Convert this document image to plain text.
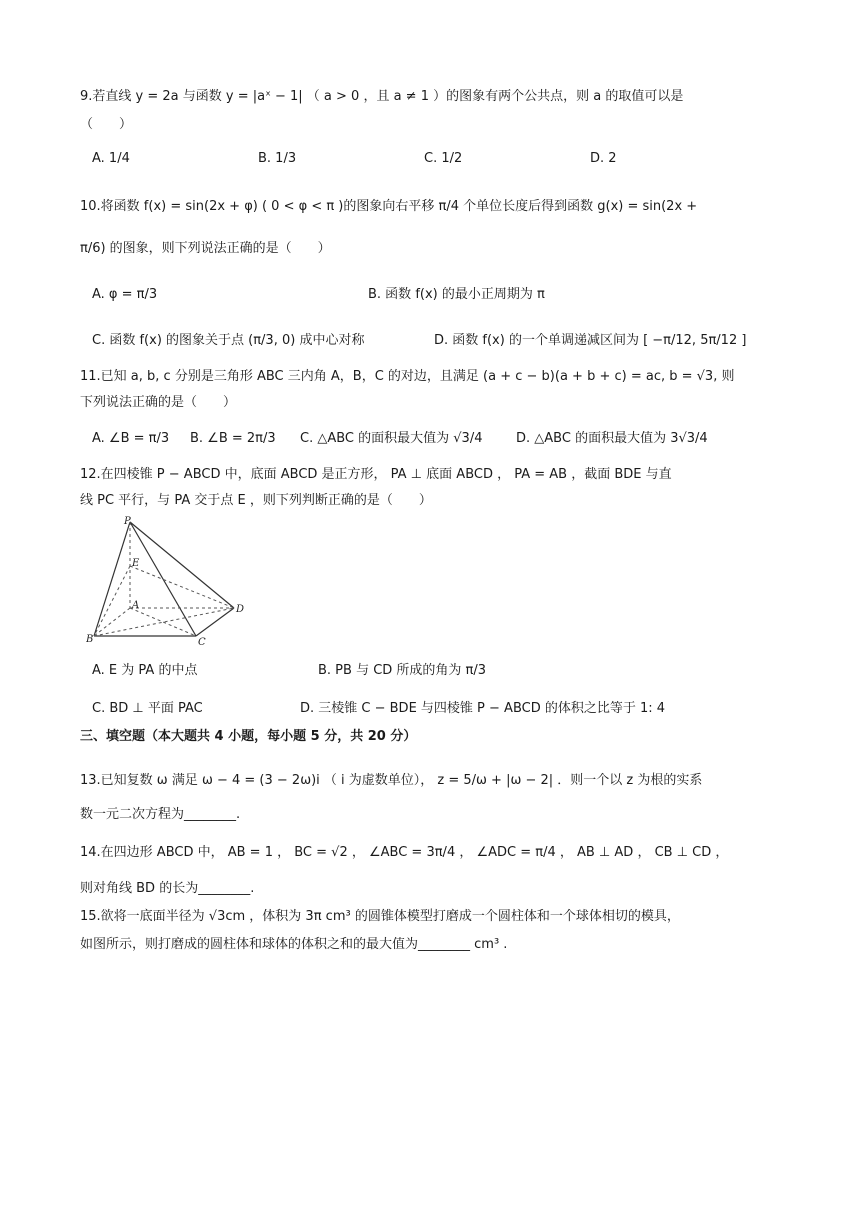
9.若直线 y = 2a 与函数 y = |aˣ − 1| （ a > 0 ，且 a ≠ 1 ）的图象有两个公共点，则 a 的取值可以是
（　　）
A. 1/4	B. 1/3	C. 1/2	D. 2
10.将函数 f(x) = sin(2x + φ) ( 0 < φ < π )的图象向右平移 π/4 个单位长度后得到函数 g(x) = sin(2x +
π/6) 的图象，则下列说法正确的是（　　）
A. φ = π/3	B. 函数 f(x) 的最小正周期为 π
C. 函数 f(x) 的图象关于点 (π/3, 0) 成中心对称	D. 函数 f(x) 的一个单调递减区间为 [ −π/12, 5π/12 ]
11.已知 a, b, c 分别是三角形 ABC 三内角 A，B，C 的对边，且满足 (a + c − b)(a + b + c) = ac, b = √3, 则
下列说法正确的是（　　）
A. ∠B = π/3 B. ∠B = 2π/3 C. △ABC 的面积最大值为 √3/4	D. △ABC 的面积最大值为 3√3/4
12.在四棱锥 P − ABCD 中，底面 ABCD 是正方形， PA ⊥ 底面 ABCD ， PA = AB ，截面 BDE 与直
线 PC 平行，与 PA 交于点 E ，则下列判断正确的是（　　）
P
E
A	D
B	C
A. E 为 PA 的中点	B. PB 与 CD 所成的角为 π/3
C. BD ⊥ 平面 PAC	D. 三棱锥 C − BDE 与四棱锥 P − ABCD 的体积之比等于 1: 4
三、填空题（本大题共 4 小题，每小题 5 分，共 20 分）
13.已知复数 ω 满足 ω − 4 = (3 − 2ω)i （ i 为虚数单位）， z = 5/ω + |ω − 2| ．则一个以 z 为根的实系
数一元二次方程为________.
14.在四边形 ABCD 中， AB = 1 ， BC = √2 ， ∠ABC = 3π/4 ， ∠ADC = π/4 ， AB ⊥ AD ， CB ⊥ CD ，
则对角线 BD 的长为________.
15.欲将一底面半径为 √3cm ，体积为 3π cm³ 的圆锥体模型打磨成一个圆柱体和一个球体相切的模具，
如图所示，则打磨成的圆柱体和球体的体积之和的最大值为________ cm³ .
